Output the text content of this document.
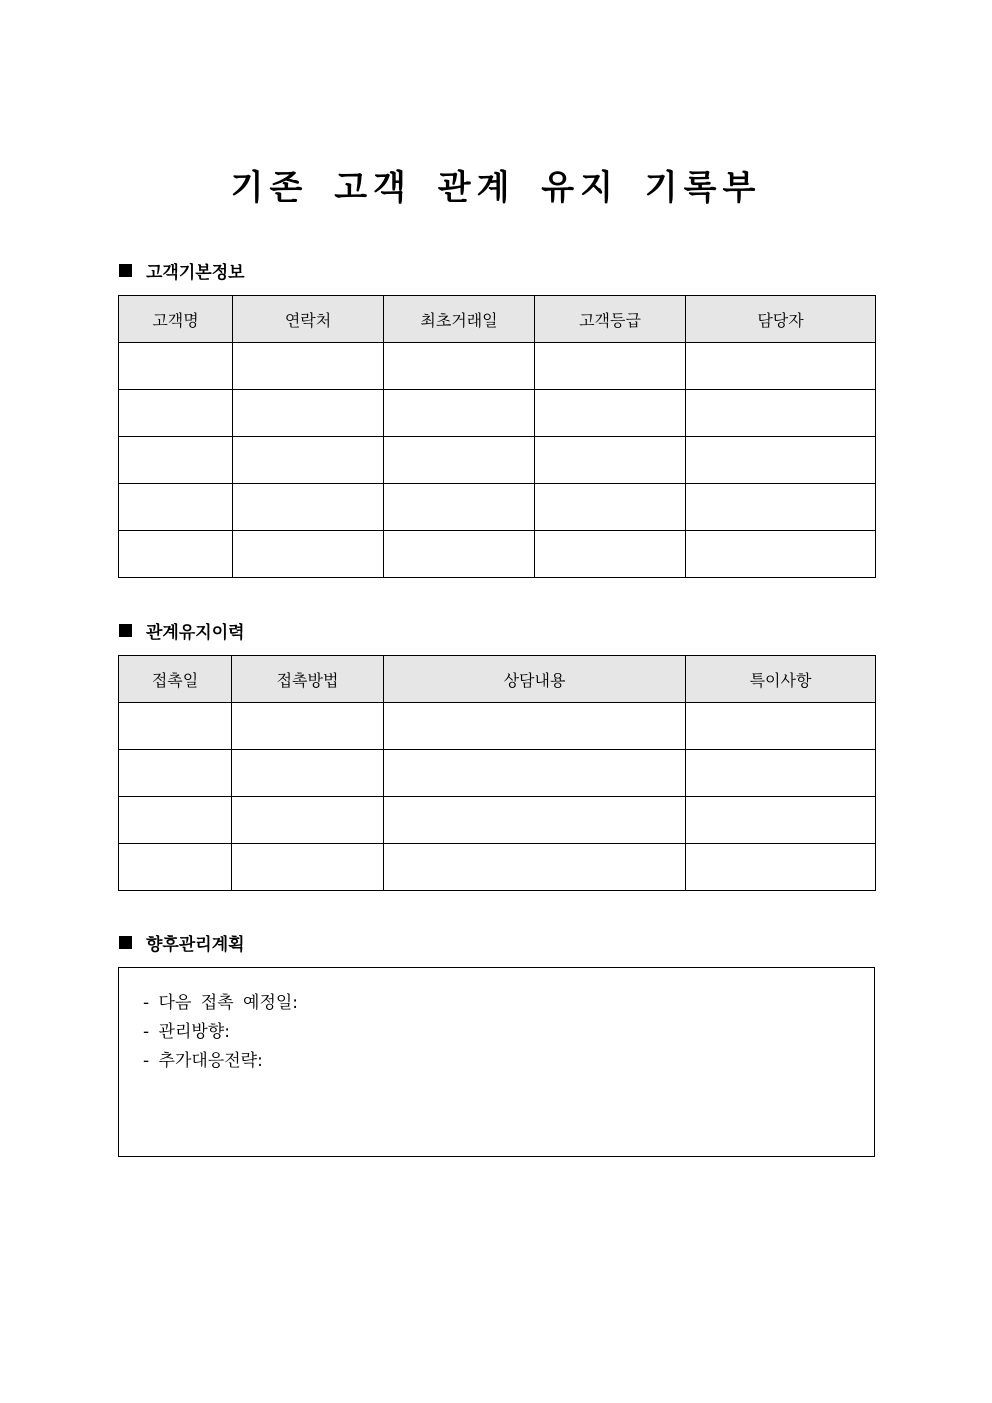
기존 고객 관계 유지 기록부
고객기본정보
고객명	연락처	최초거래일	고객등급	담당자

관계유지이력
접촉일	접촉방법	상담내용	특이사항

향후관리계획
- 다음 접촉 예정일:
- 관리방향:
- 추가대응전략:
